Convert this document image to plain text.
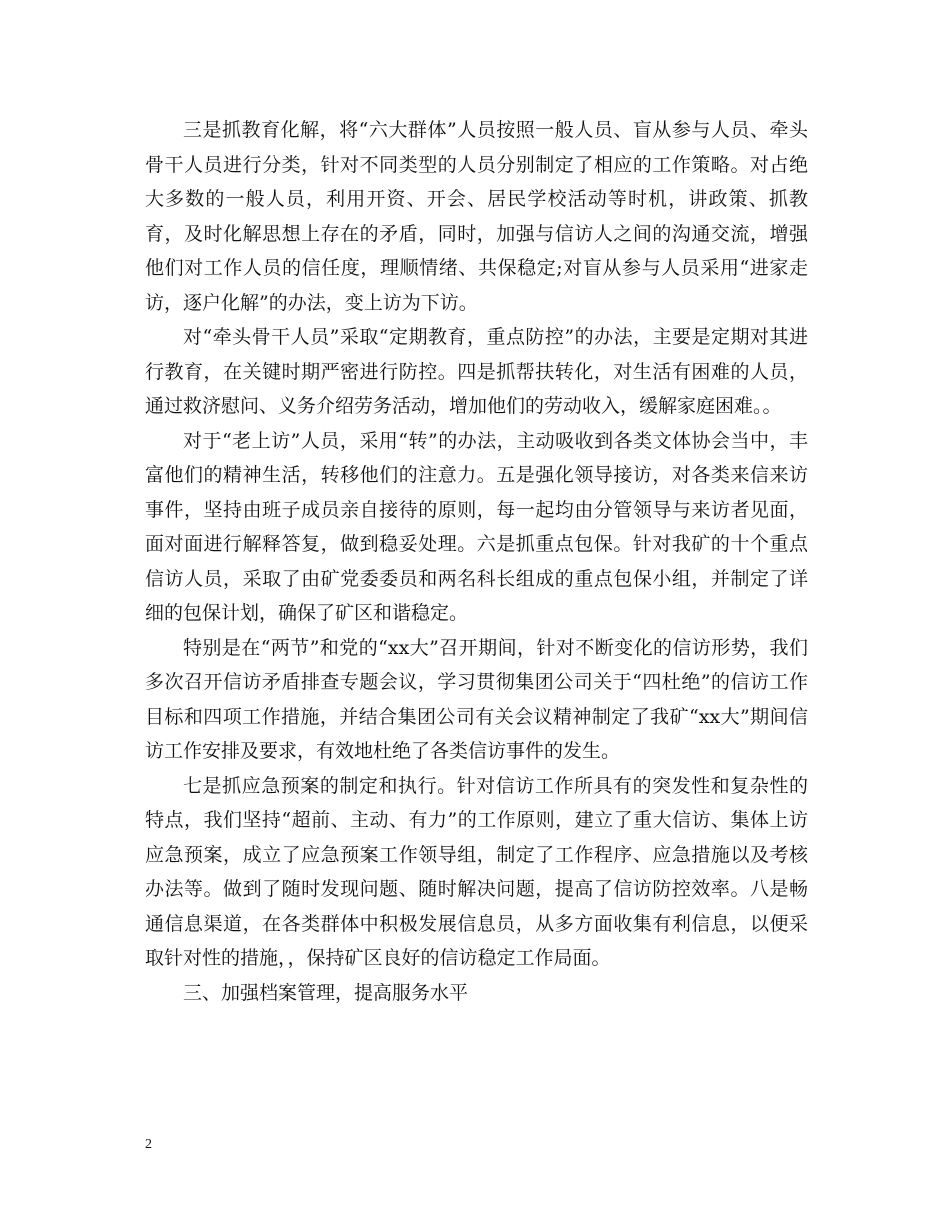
三是抓教育化解，将“六大群体”人员按照一般人员、盲从参与人员、牵头骨干人员进行分类，针对不同类型的人员分别制定了相应的工作策略。对占绝大多数的一般人员，利用开资、开会、居民学校活动等时机，讲政策、抓教育，及时化解思想上存在的矛盾，同时，加强与信访人之间的沟通交流，增强他们对工作人员的信任度，理顺情绪、共保稳定;对盲从参与人员采用“进家走访，逐户化解”的办法，变上访为下访。

对“牵头骨干人员”采取“定期教育，重点防控”的办法，主要是定期对其进行教育，在关键时期严密进行防控。四是抓帮扶转化，对生活有困难的人员，通过救济慰问、义务介绍劳务活动，增加他们的劳动收入，缓解家庭困难。。

对于“老上访”人员，采用“转”的办法，主动吸收到各类文体协会当中，丰富他们的精神生活，转移他们的注意力。五是强化领导接访，对各类来信来访事件，坚持由班子成员亲自接待的原则，每一起均由分管领导与来访者见面，面对面进行解释答复，做到稳妥处理。六是抓重点包保。针对我矿的十个重点信访人员，采取了由矿党委委员和两名科长组成的重点包保小组，并制定了详细的包保计划，确保了矿区和谐稳定。

特别是在“两节”和党的“xx大”召开期间，针对不断变化的信访形势，我们多次召开信访矛盾排查专题会议，学习贯彻集团公司关于“四杜绝”的信访工作目标和四项工作措施，并结合集团公司有关会议精神制定了我矿“xx大”期间信访工作安排及要求，有效地杜绝了各类信访事件的发生。

七是抓应急预案的制定和执行。针对信访工作所具有的突发性和复杂性的特点，我们坚持“超前、主动、有力”的工作原则，建立了重大信访、集体上访应急预案，成立了应急预案工作领导组，制定了工作程序、应急措施以及考核办法等。做到了随时发现问题、随时解决问题，提高了信访防控效率。八是畅通信息渠道，在各类群体中积极发展信息员，从多方面收集有利信息，以便采取针对性的措施，，保持矿区良好的信访稳定工作局面。

三、加强档案管理，提高服务水平

2
